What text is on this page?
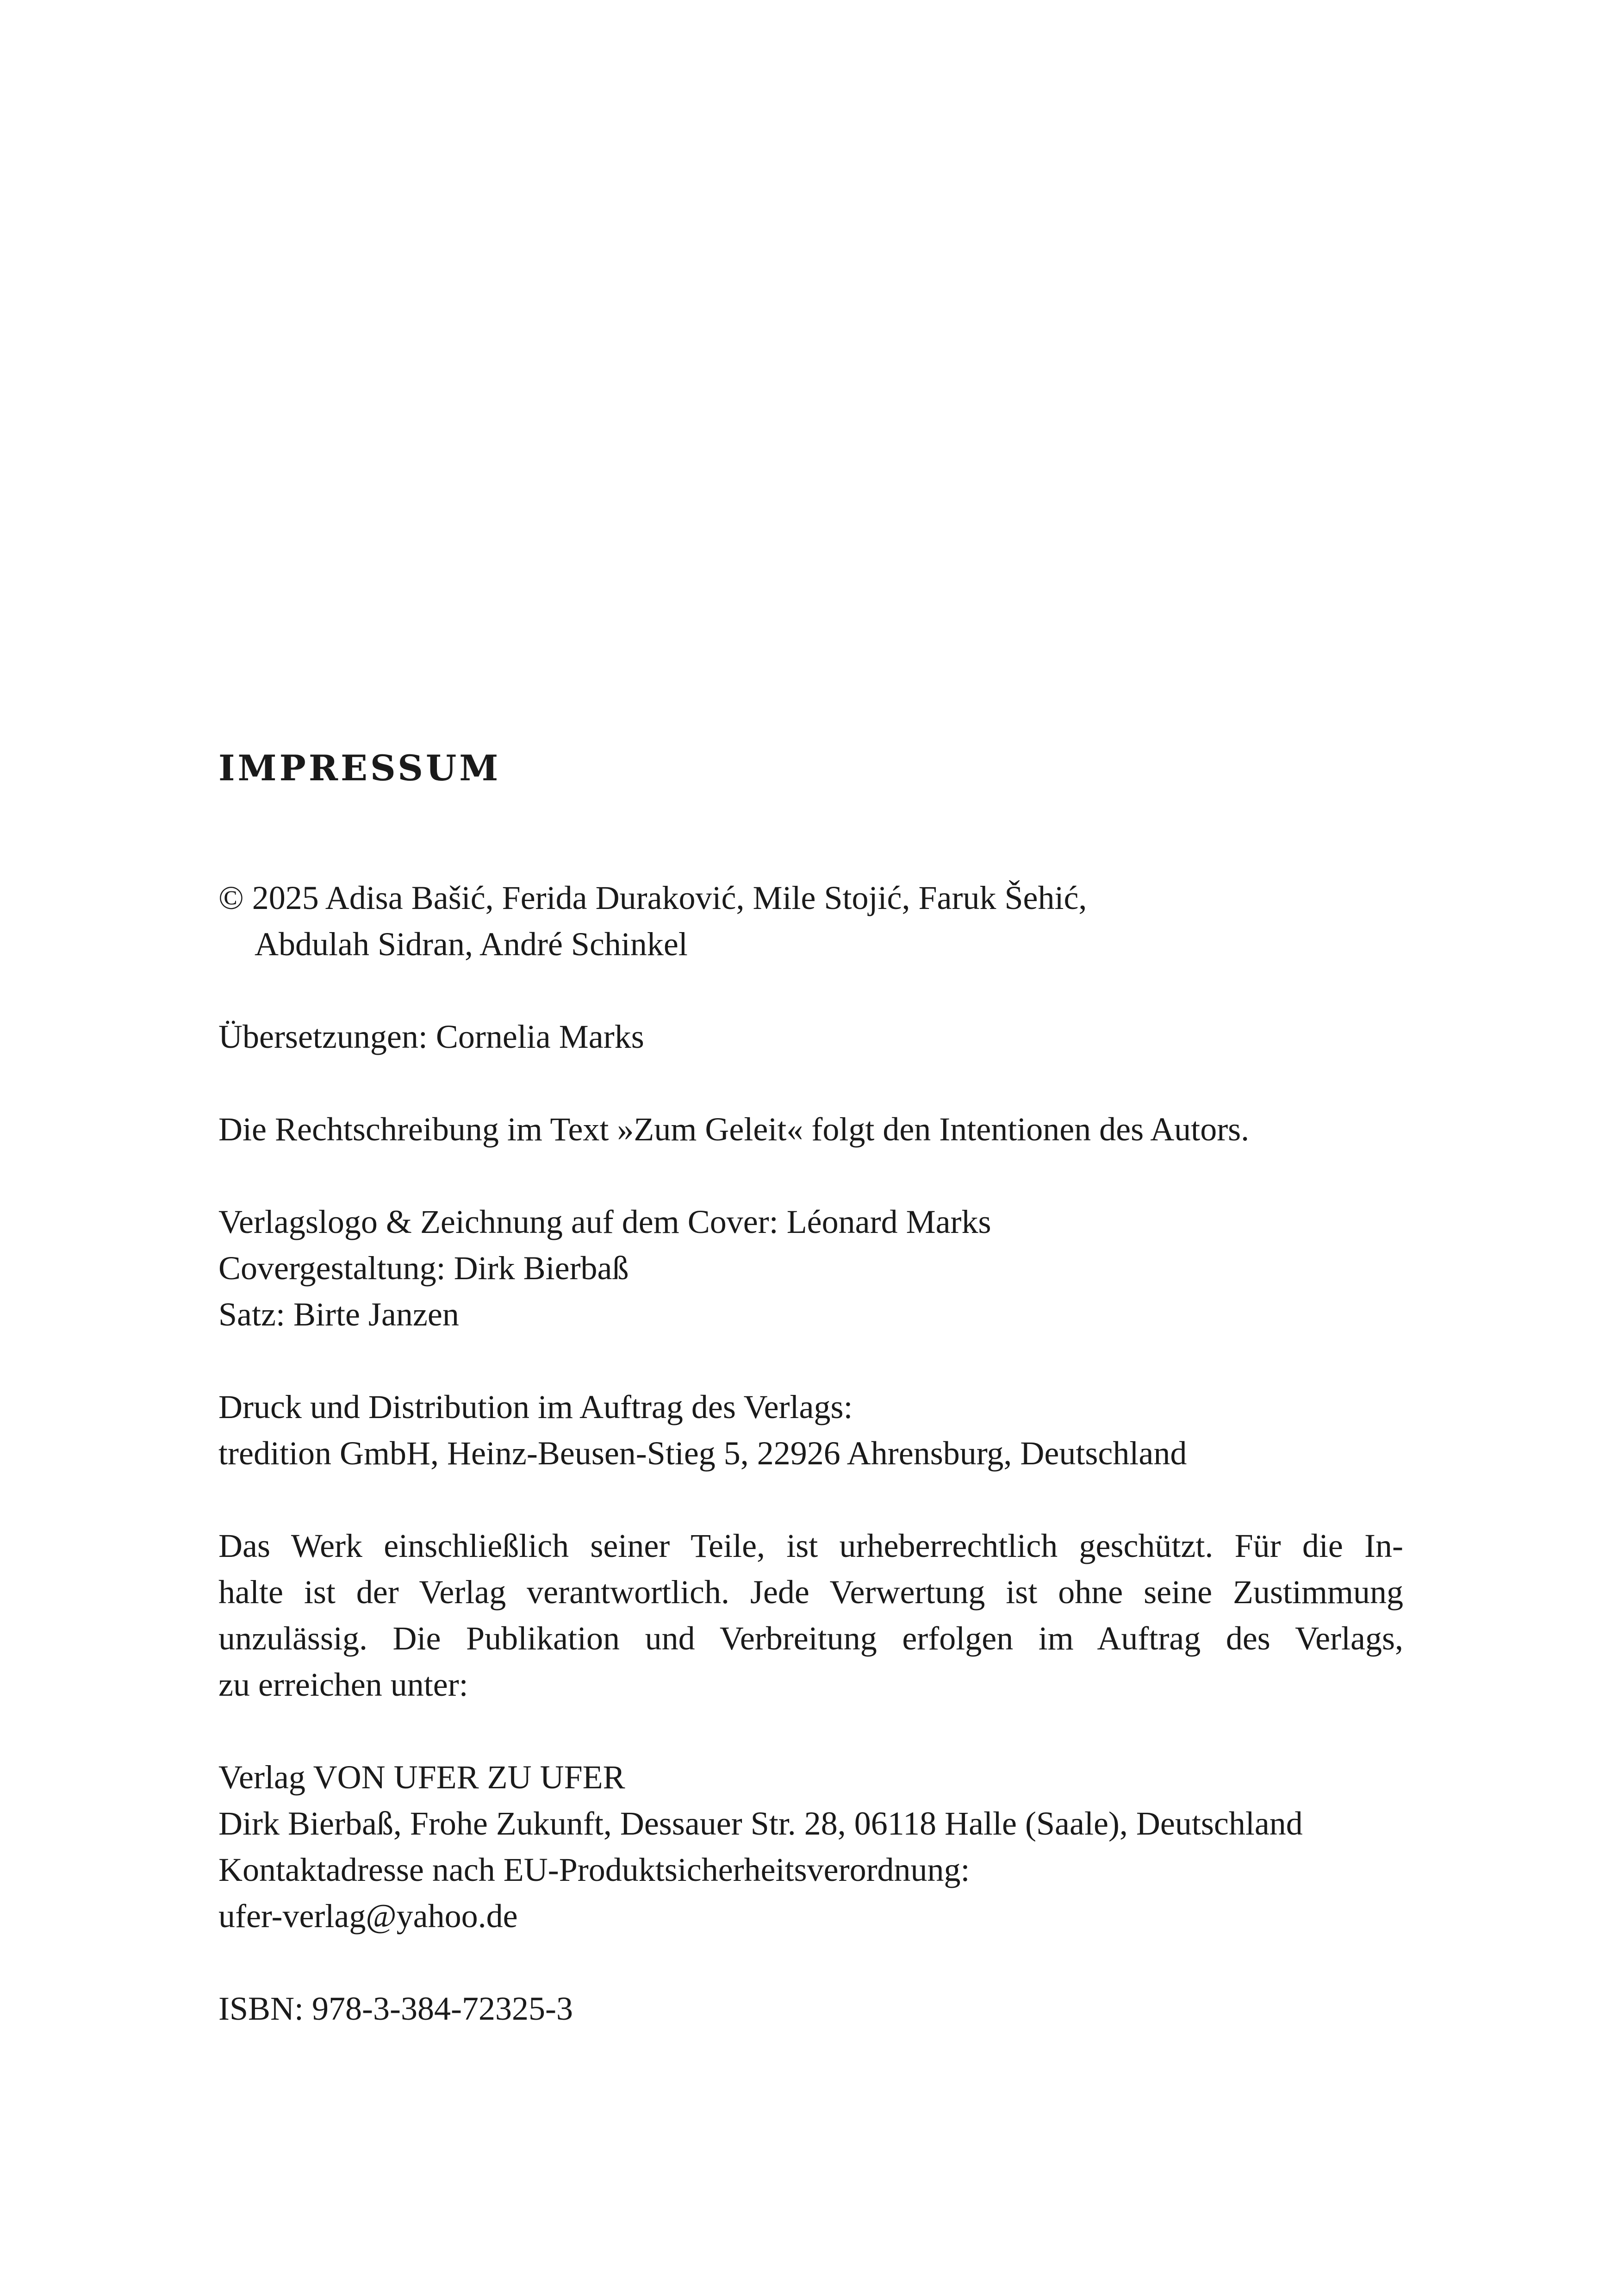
IMPRESSUM
© 2025 Adisa Bašić, Ferida Duraković, Mile Stojić, Faruk Šehić,
Abdulah Sidran, André Schinkel
Übersetzungen: Cornelia Marks
Die Rechtschreibung im Text »Zum Geleit« folgt den Intentionen des Autors.
Verlagslogo & Zeichnung auf dem Cover: Léonard Marks
Covergestaltung: Dirk Bierbaß
Satz: Birte Janzen
Druck und Distribution im Auftrag des Verlags:
tredition GmbH, Heinz-Beusen-Stieg 5, 22926 Ahrensburg, Deutschland
Das Werk einschließlich seiner Teile, ist urheberrechtlich geschützt. Für die In-
halte ist der Verlag verantwortlich. Jede Verwertung ist ohne seine Zustimmung
unzulässig. Die Publikation und Verbreitung erfolgen im Auftrag des Verlags,
zu erreichen unter:
Verlag VON UFER ZU UFER
Dirk Bierbaß, Frohe Zukunft, Dessauer Str. 28, 06118 Halle (Saale), Deutschland
Kontaktadresse nach EU-Produktsicherheitsverordnung:
ufer-verlag@yahoo.de
ISBN: 978-3-384-72325-3
